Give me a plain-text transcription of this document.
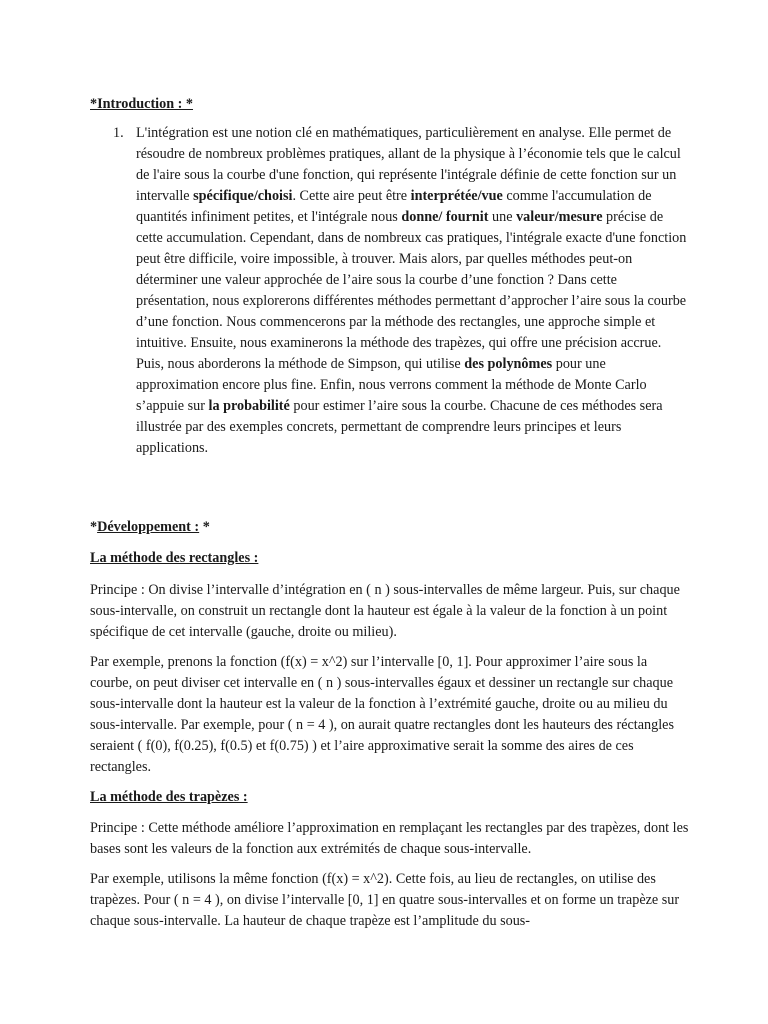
*Introduction : *
1. L'intégration est une notion clé en mathématiques, particulièrement en analyse. Elle permet de résoudre de nombreux problèmes pratiques, allant de la physique à l’économie tels que le calcul de l'aire sous la courbe d'une fonction, qui représente l'intégrale définie de cette fonction sur un intervalle spécifique/choisi. Cette aire peut être interprétée/vue comme l'accumulation de quantités infiniment petites, et l'intégrale nous donne/ fournit une valeur/mesure précise de cette accumulation. Cependant, dans de nombreux cas pratiques, l'intégrale exacte d'une fonction peut être difficile, voire impossible, à trouver. Mais alors, par quelles méthodes peut-on déterminer une valeur approchée de l’aire sous la courbe d’une fonction ? Dans cette présentation, nous explorerons différentes méthodes permettant d’approcher l’aire sous la courbe d’une fonction. Nous commencerons par la méthode des rectangles, une approche simple et intuitive. Ensuite, nous examinerons la méthode des trapèzes, qui offre une précision accrue. Puis, nous aborderons la méthode de Simpson, qui utilise des polynômes pour une approximation encore plus fine. Enfin, nous verrons comment la méthode de Monte Carlo s’appuie sur la probabilité pour estimer l’aire sous la courbe. Chacune de ces méthodes sera illustrée par des exemples concrets, permettant de comprendre leurs principes et leurs applications.

*Développement : *
La méthode des rectangles :

Principe : On divise l’intervalle d’intégration en ( n ) sous-intervalles de même largeur. Puis, sur chaque sous-intervalle, on construit un rectangle dont la hauteur est égale à la valeur de la fonction à un point spécifique de cet intervalle (gauche, droite ou milieu).

Par exemple, prenons la fonction (f(x) = x^2) sur l’intervalle [0, 1]. Pour approximer l’aire sous la courbe, on peut diviser cet intervalle en ( n ) sous-intervalles égaux et dessiner un rectangle sur chaque sous-intervalle dont la hauteur est la valeur de la fonction à l’extrémité gauche, droite ou au milieu du sous-intervalle. Par exemple, pour ( n = 4 ), on aurait quatre rectangles dont les hauteurs des réctangles seraient ( f(0), f(0.25), f(0.5) et f(0.75) ) et l’aire approximative serait la somme des aires de ces rectangles.

La méthode des trapèzes :

Principe : Cette méthode améliore l’approximation en remplaçant les rectangles par des trapèzes, dont les bases sont les valeurs de la fonction aux extrémités de chaque sous-intervalle.

Par exemple, utilisons la même fonction (f(x) = x^2). Cette fois, au lieu de rectangles, on utilise des trapèzes. Pour ( n = 4 ), on divise l’intervalle [0, 1] en quatre sous-intervalles et on forme un trapèze sur chaque sous-intervalle. La hauteur de chaque trapèze est l’amplitude du sous-
